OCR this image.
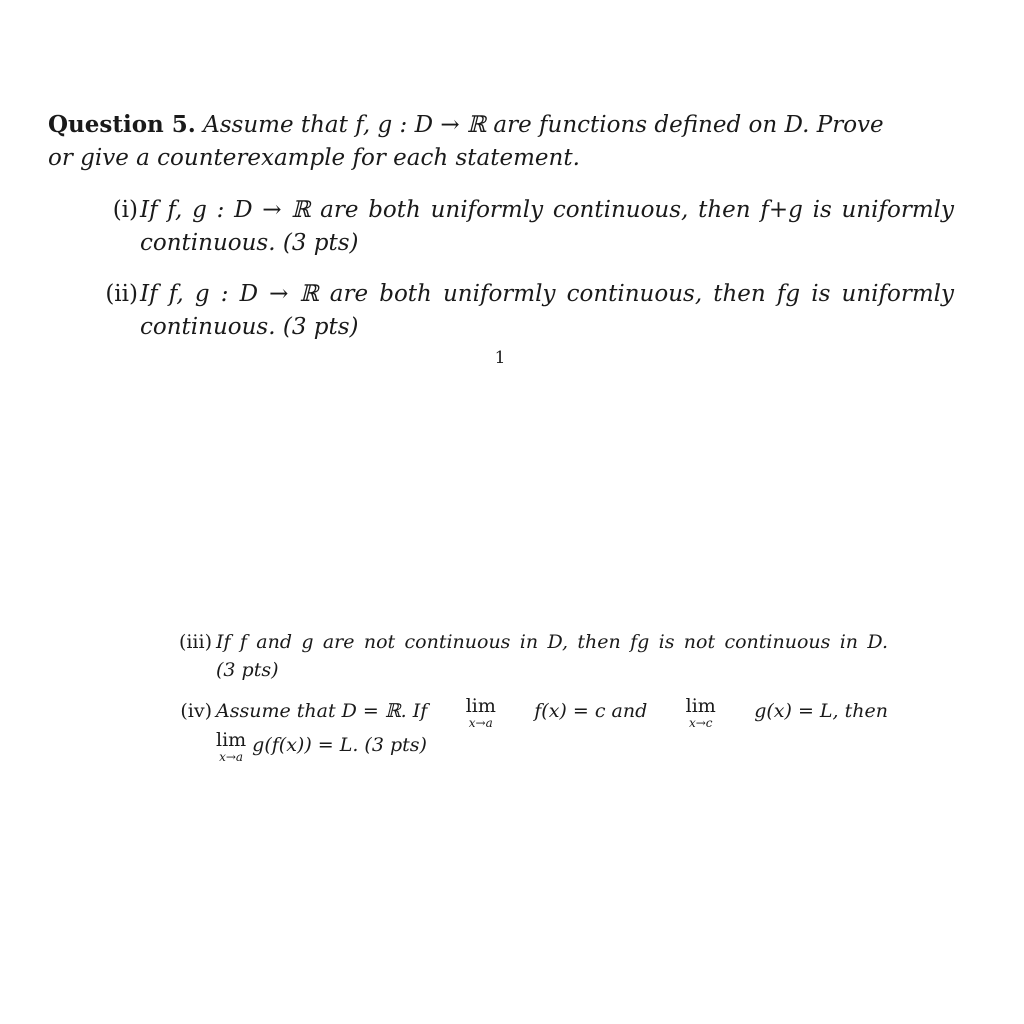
Question 5. Assume that f, g : D → ℝ are functions defined on D. Prove
or give a counterexample for each statement.
(i) If f, g : D → ℝ are both uniformly continuous, then f+g is uniformly
continuous. (3 pts)
(ii) If f, g : D → ℝ are both uniformly continuous, then fg is uniformly
continuous. (3 pts)
1
(iii) If f and g are not continuous in D, then fg is not continuous in D.
(3 pts)
(iv) Assume that D = ℝ. If lim
x→a
f(x) = c and lim
x→c
g(x) = L, then
lim
x→a
g(f(x)) = L. (3 pts)
